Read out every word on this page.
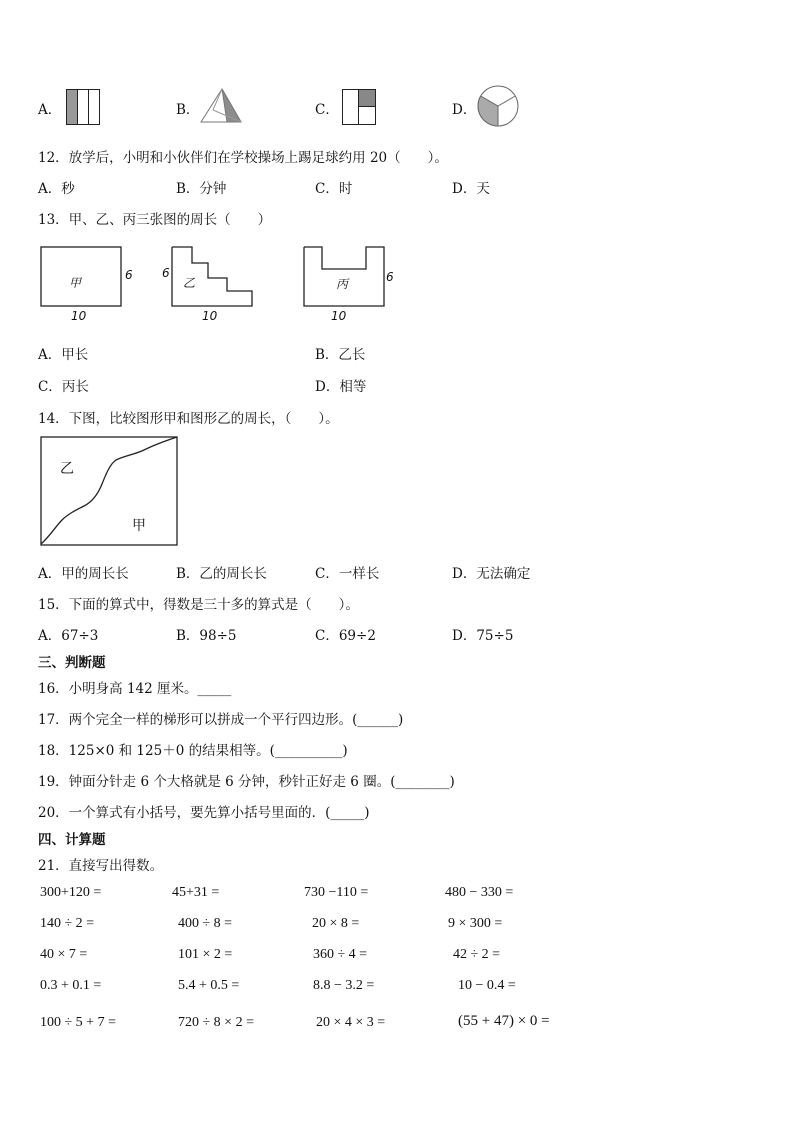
A．	B．	C．	D．
12．放学后，小明和小伙伴们在学校操场上踢足球约用 20（　　）。
A．秒	B．分钟	C．时	D．天
13．甲、乙、丙三张图的周长（　　）
甲
6
10
6
乙
10
丙	6
10
A．甲长	B．乙长
C．丙长	D．相等
14．下图，比较图形甲和图形乙的周长，（　　）。
乙
甲
A．甲的周长长	B．乙的周长长	C．一样长	D．无法确定
15．下面的算式中，得数是三十多的算式是（　　）。
A．67÷3	B．98÷5	C．69÷2	D．75÷5
三、判断题
16．小明身高 142 厘米。_____
17．两个完全一样的梯形可以拼成一个平行四边形。(______)
18．125×0 和 125＋0 的结果相等。(__________)
19．钟面分针走 6 个大格就是 6 分钟，秒针正好走 6 圈。(________)
20．一个算式有小括号，要先算小括号里面的．(_____)
四、计算题
21．直接写出得数。
300+120 =	45+31 =	730 −110 =	480 − 330 =
140 ÷ 2 =	400 ÷ 8 =	20 × 8 =	9 × 300 =
40 × 7 =	101 × 2 =	360 ÷ 4 =	42 ÷ 2 =
0.3 + 0.1 =	5.4 + 0.5 =	8.8 − 3.2 =	10 − 0.4 =
100 ÷ 5 + 7 =	720 ÷ 8 × 2 =	20 × 4 × 3 =	(55 + 47) × 0 =
